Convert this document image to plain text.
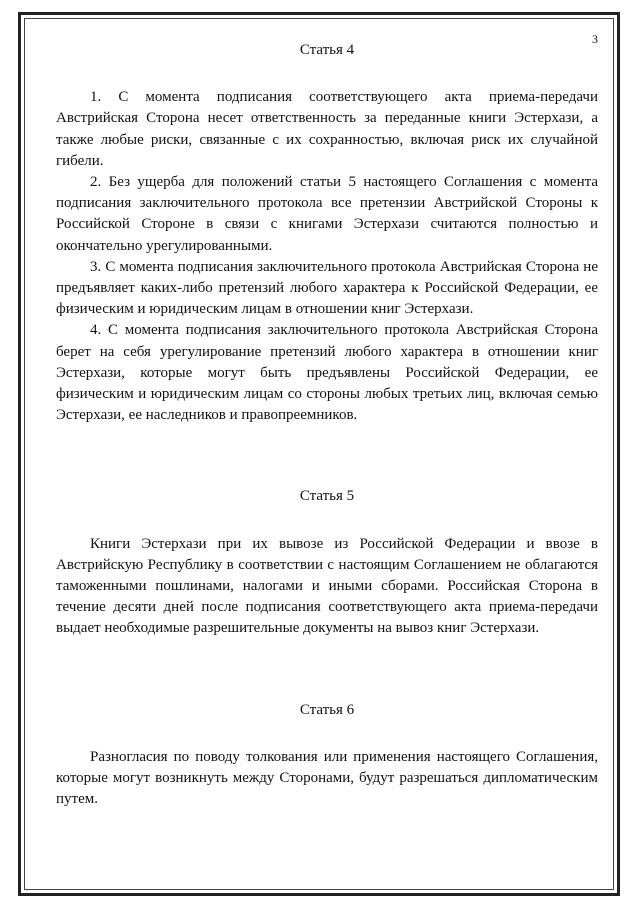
3
Статья 4

1. С момента подписания соответствующего акта приема-передачи Австрийская Сторона несет ответственность за переданные книги Эстерхази, а также любые риски, связанные с их сохранностью, включая риск их случайной гибели.

2. Без ущерба для положений статьи 5 настоящего Соглашения с момента подписания заключительного протокола все претензии Австрийской Стороны к Российской Стороне в связи с книгами Эстерхази считаются полностью и окончательно урегулированными.

3. С момента подписания заключительного протокола Австрийская Сторона не предъявляет каких-либо претензий любого характера к Российской Федерации, ее физическим и юридическим лицам в отношении книг Эстерхази.

4. С момента подписания заключительного протокола Австрийская Сторона берет на себя урегулирование претензий любого характера в отношении книг Эстерхази, которые могут быть предъявлены Российской Федерации, ее физическим и юридическим лицам со стороны любых третьих лиц, включая семью Эстерхази, ее наследников и правопреемников.

Статья 5

Книги Эстерхази при их вывозе из Российской Федерации и ввозе в Австрийскую Республику в соответствии с настоящим Соглашением не облагаются таможенными пошлинами, налогами и иными сборами. Российская Сторона в течение десяти дней после подписания соответствующего акта приема-передачи выдает необходимые разрешительные документы на вывоз книг Эстерхази.

Статья 6

Разногласия по поводу толкования или применения настоящего Соглашения, которые могут возникнуть между Сторонами, будут разрешаться дипломатическим путем.
